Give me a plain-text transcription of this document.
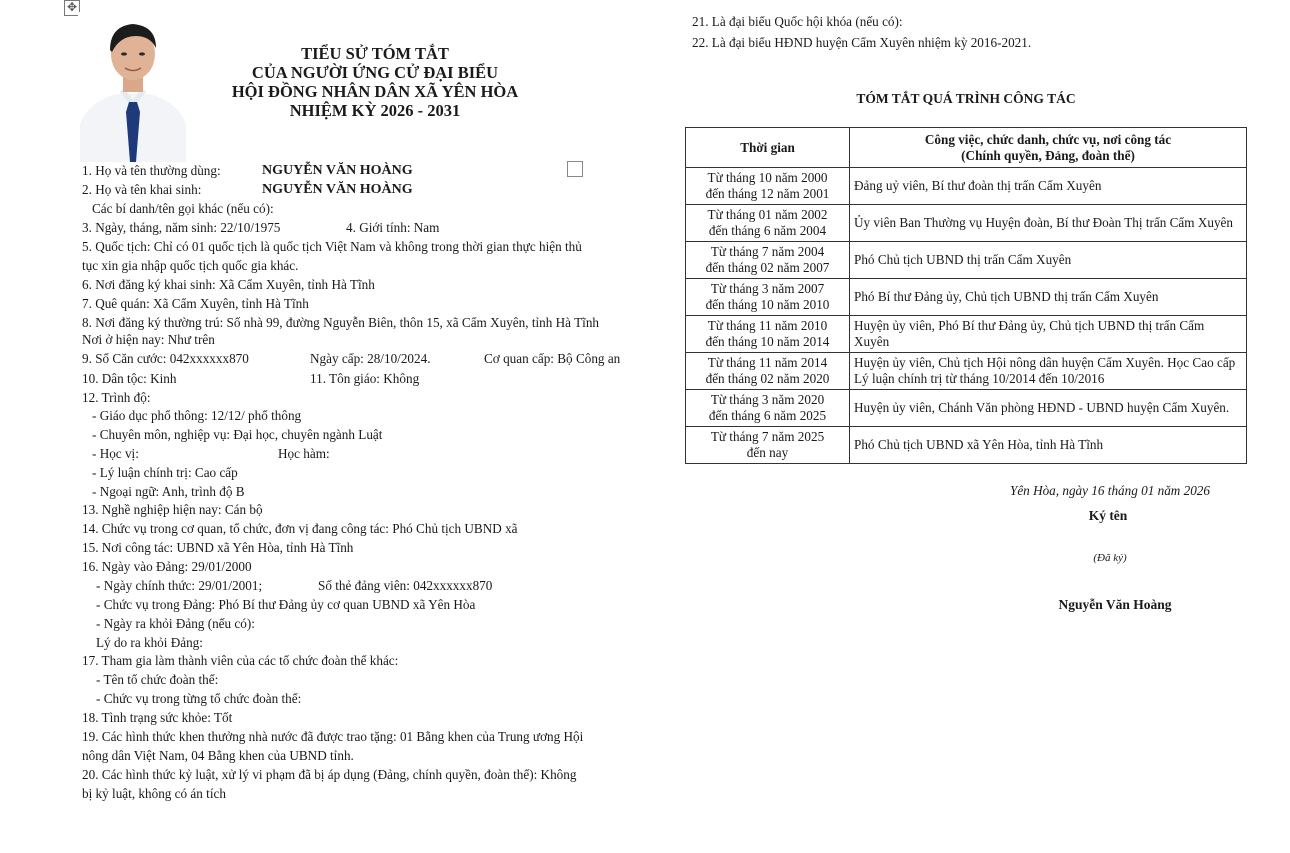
✥
TIỂU SỬ TÓM TẮT
CỦA NGƯỜI ỨNG CỬ ĐẠI BIỂU
HỘI ĐỒNG NHÂN DÂN XÃ YÊN HÒA
NHIỆM KỲ 2026 - 2031
1. Họ và tên thường dùng:	NGUYỄN VĂN HOÀNG
2. Họ và tên khai sinh:	NGUYỄN VĂN HOÀNG
Các bí danh/tên gọi khác (nếu có):
3. Ngày, tháng, năm sinh: 22/10/1975	4. Giới tính: Nam
5. Quốc tịch: Chỉ có 01 quốc tịch là quốc tịch Việt Nam và không trong thời gian thực hiện thủ
tục xin gia nhập quốc tịch quốc gia khác.
6. Nơi đăng ký khai sinh: Xã Cẩm Xuyên, tỉnh Hà Tĩnh
7. Quê quán: Xã Cẩm Xuyên, tỉnh Hà Tĩnh
8. Nơi đăng ký thường trú: Số nhà 99, đường Nguyễn Biên, thôn 15, xã Cẩm Xuyên, tỉnh Hà Tĩnh
Nơi ở hiện nay: Như trên
9. Số Căn cước: 042xxxxxx870	Ngày cấp: 28/10/2024.	Cơ quan cấp: Bộ Công an
10. Dân tộc: Kinh	11. Tôn giáo: Không
12. Trình độ:
- Giáo dục phổ thông: 12/12/ phổ thông
- Chuyên môn, nghiệp vụ: Đại học, chuyên ngành Luật
- Học vị:	Học hàm:
- Lý luận chính trị: Cao cấp
- Ngoại ngữ: Anh, trình độ B
13. Nghề nghiệp hiện nay: Cán bộ
14. Chức vụ trong cơ quan, tổ chức, đơn vị đang công tác: Phó Chủ tịch UBND xã
15. Nơi công tác: UBND xã Yên Hòa, tỉnh Hà Tĩnh
16. Ngày vào Đảng: 29/01/2000
- Ngày chính thức: 29/01/2001;	Số thẻ đảng viên: 042xxxxxx870
- Chức vụ trong Đảng: Phó Bí thư Đảng ủy cơ quan UBND xã Yên Hòa
- Ngày ra khỏi Đảng (nếu có):
Lý do ra khỏi Đảng:
17. Tham gia làm thành viên của các tổ chức đoàn thể khác:
- Tên tổ chức đoàn thể:
- Chức vụ trong từng tổ chức đoàn thể:
18. Tình trạng sức khỏe: Tốt
19. Các hình thức khen thưởng nhà nước đã được trao tặng: 01 Bằng khen của Trung ương Hội
nông dân Việt Nam, 04 Bằng khen của UBND tỉnh.
20. Các hình thức kỷ luật, xử lý vi phạm đã bị áp dụng (Đảng, chính quyền, đoàn thể): Không
bị kỷ luật, không có án tích
21. Là đại biểu Quốc hội khóa (nếu có):
22. Là đại biểu HĐND huyện Cẩm Xuyên nhiệm kỳ 2016-2021.
TÓM TẮT QUÁ TRÌNH CÔNG TÁC
Thời gian	Công việc, chức danh, chức vụ, nơi công tác
(Chính quyền, Đảng, đoàn thể)

Từ tháng 10 năm 2000
đến tháng 12 năm 2001	Đảng uỷ viên, Bí thư đoàn thị trấn Cẩm Xuyên

Từ tháng 01 năm 2002
đến tháng 6 năm 2004	Ủy viên Ban Thường vụ Huyện đoàn, Bí thư Đoàn Thị trấn Cẩm Xuyên

Từ tháng 7 năm 2004
đến tháng 02 năm 2007	Phó Chủ tịch UBND thị trấn Cẩm Xuyên

Từ tháng 3 năm 2007
đến tháng 10 năm 2010	Phó Bí thư Đảng ủy, Chủ tịch UBND thị trấn Cẩm Xuyên

Từ tháng 11 năm 2010
đến tháng 10 năm 2014	Huyện ủy viên, Phó Bí thư Đảng ủy, Chủ tịch UBND thị trấn Cẩm Xuyên

Từ tháng 11 năm 2014
đến tháng 02 năm 2020	Huyện ủy viên, Chủ tịch Hội nông dân huyện Cẩm Xuyên. Học Cao cấp Lý luận chính trị từ tháng 10/2014 đến 10/2016

Từ tháng 3 năm 2020
đến tháng 6 năm 2025	Huyện ủy viên, Chánh Văn phòng HĐND - UBND huyện Cẩm Xuyên.

Từ tháng 7 năm 2025
đến nay	Phó Chủ tịch UBND xã Yên Hòa, tỉnh Hà Tĩnh
Yên Hòa, ngày 16 tháng 01 năm 2026
Ký tên
(Đã ký)
Nguyễn Văn Hoàng
